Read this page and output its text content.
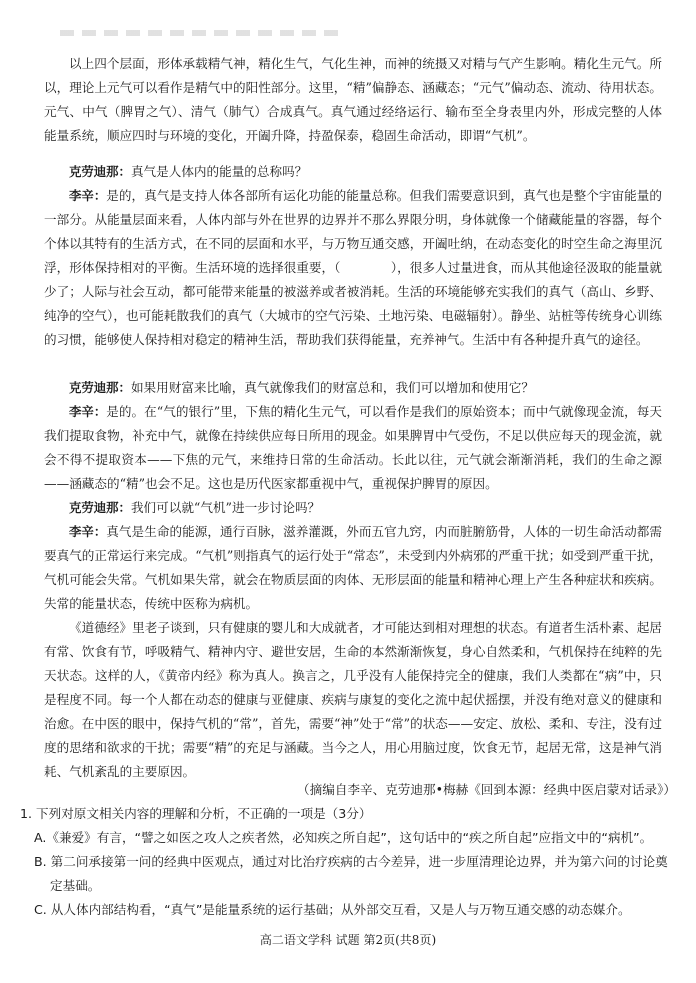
以上四个层面，形体承载精气神，精化生气，气化生神，而神的统摄又对精与气产生影响。精化生元气。所以，理论上元气可以看作是精气中的阳性部分。这里，“精”偏静态、涵藏态；“元气”偏动态、流动、待用状态。元气、中气（脾胃之气）、清气（肺气）合成真气。真气通过经络运行、输布至全身表里内外，形成完整的人体能量系统，顺应四时与环境的变化，开阖升降，持盈保泰，稳固生命活动，即谓“气机”。

克劳迪那：真气是人体内的能量的总称吗？

李辛：是的，真气是支持人体各部所有运化功能的能量总称。但我们需要意识到，真气也是整个宇宙能量的一部分。从能量层面来看，人体内部与外在世界的边界并不那么界限分明，身体就像一个储藏能量的容器，每个个体以其特有的生活方式，在不同的层面和水平，与万物互通交感，开阖吐纳，在动态变化的时空生命之海里沉浮，形体保持相对的平衡。生活环境的选择很重要，（　　　　），很多人过量进食，而从其他途径汲取的能量就少了；人际与社会互动，都可能带来能量的被滋养或者被消耗。生活的环境能够充实我们的真气（高山、乡野、纯净的空气），也可能耗散我们的真气（大城市的空气污染、土地污染、电磁辐射）。静坐、站桩等传统身心训练的习惯，能够使人保持相对稳定的精神生活，帮助我们获得能量，充养神气。生活中有各种提升真气的途径。

克劳迪那：如果用财富来比喻，真气就像我们的财富总和，我们可以增加和使用它？

李辛：是的。在“气的银行”里，下焦的精化生元气，可以看作是我们的原始资本；而中气就像现金流，每天我们提取食物，补充中气，就像在持续供应每日所用的现金。如果脾胃中气受伤，不足以供应每天的现金流，就会不得不提取资本——下焦的元气，来维持日常的生命活动。长此以往，元气就会渐渐消耗，我们的生命之源——涵藏态的“精”也会不足。这也是历代医家都重视中气，重视保护脾胃的原因。

克劳迪那：我们可以就“气机”进一步讨论吗？

李辛：真气是生命的能源，通行百脉，滋养灌溉，外而五官九窍，内而脏腑筋骨，人体的一切生命活动都需要真气的正常运行来完成。“气机”则指真气的运行处于“常态”，未受到内外病邪的严重干扰；如受到严重干扰，气机可能会失常。气机如果失常，就会在物质层面的肉体、无形层面的能量和精神心理上产生各种症状和疾病。失常的能量状态，传统中医称为病机。

《道德经》里老子谈到，只有健康的婴儿和大成就者，才可能达到相对理想的状态。有道者生活朴素、起居有常、饮食有节，呼吸精气、精神内守、避世安居，生命的本然渐渐恢复，身心自然柔和，气机保持在纯粹的先天状态。这样的人，《黄帝内经》称为真人。换言之，几乎没有人能保持完全的健康，我们人类都在“病”中，只是程度不同。每一个人都在动态的健康与亚健康、疾病与康复的变化之流中起伏摇摆，并没有绝对意义的健康和治愈。在中医的眼中，保持气机的“常”，首先，需要“神”处于“常”的状态——安定、放松、柔和、专注，没有过度的思绪和欲求的干扰；需要“精”的充足与涵藏。当今之人，用心用脑过度，饮食无节，起居无常，这是神气消耗、气机紊乱的主要原因。

（摘编自李辛、克劳迪那•梅赫《回到本源：经典中医启蒙对话录》）

1. 下列对原文相关内容的理解和分析，不正确的一项是（3分）

A.《兼爱》有言，“譬之如医之攻人之疾者然，必知疾之所自起”，这句话中的“疾之所自起”应指文中的“病机”。

B. 第二问承接第一问的经典中医观点，通过对比治疗疾病的古今差异，进一步厘清理论边界，并为第六问的讨论奠定基础。

高二语文学科 试题 第2页(共8页)

C. 从人体内部结构看，“真气”是能量系统的运行基础；从外部交互看，又是人与万物互通交感的动态媒介。
